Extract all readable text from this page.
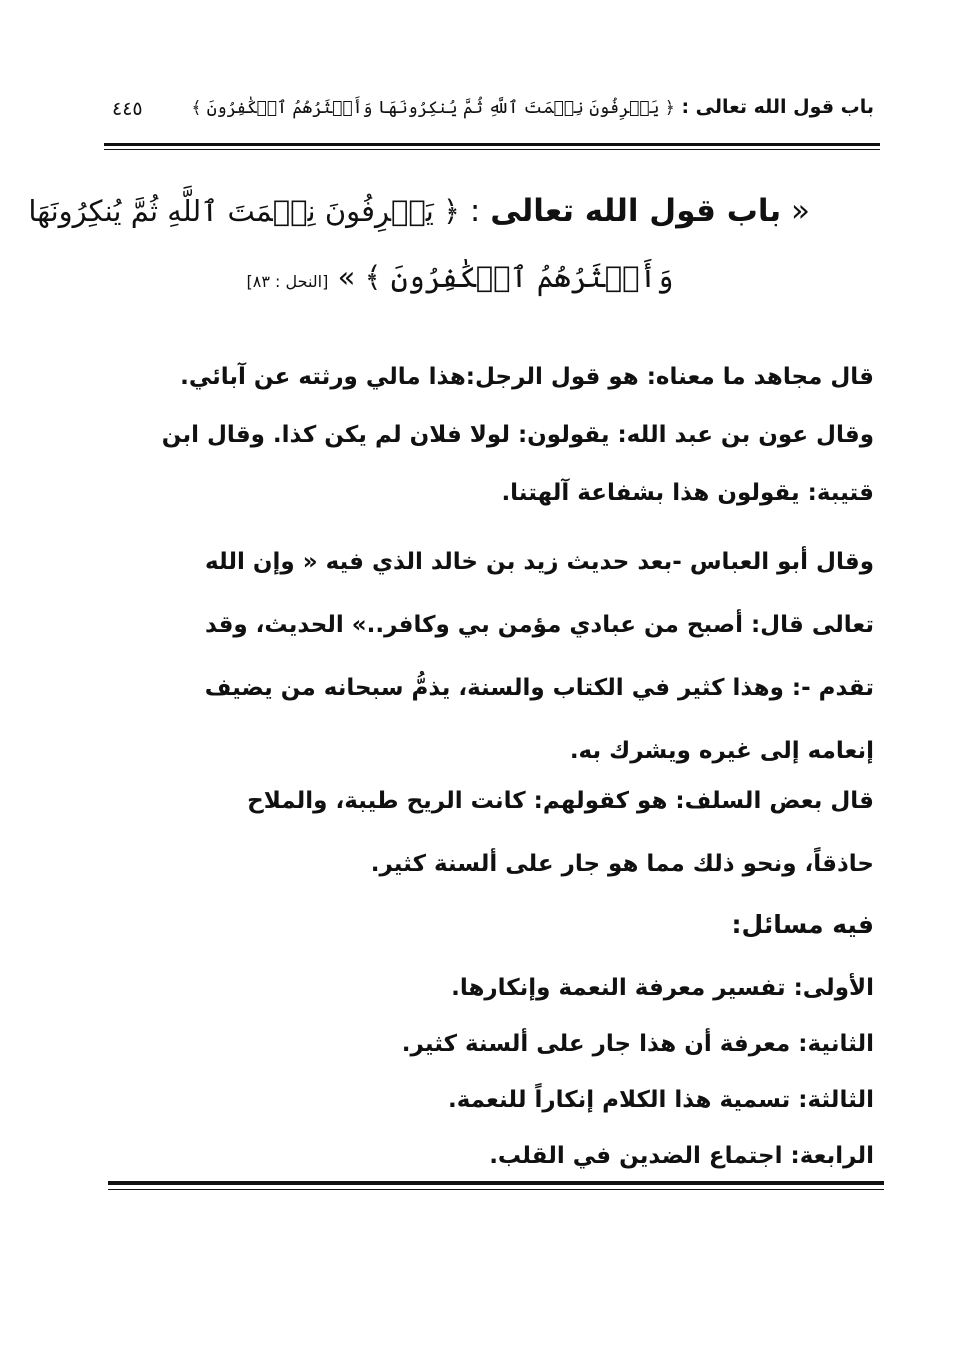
باب قول الله تعالى : ﴿ يَعۡرِفُونَ نِعۡمَتَ ٱللَّهِ ثُمَّ يُنكِرُونَهَا وَأَكۡثَرُهُمُ ٱلۡكَٰفِرُونَ ﴾
٤٤٥
« باب قول الله تعالى : ﴿ يَعۡرِفُونَ نِعۡمَتَ ٱللَّهِ ثُمَّ يُنكِرُونَهَا
وَأَكۡثَرُهُمُ ٱلۡكَٰفِرُونَ ﴾ » [النحل : ٨٣]
قال مجاهد ما معناه: هو قول الرجل:هذا مالي ورثته عن آبائي.
وقال عون بن عبد الله: يقولون: لولا فلان لم يكن كذا. وقال ابن
قتيبة: يقولون هذا بشفاعة آلهتنا.
وقال أبو العباس -بعد حديث زيد بن خالد الذي فيه « وإن الله
تعالى قال: أصبح من عبادي مؤمن بي وكافر..» الحديث، وقد
تقدم -: وهذا كثير في الكتاب والسنة، يذمُّ سبحانه من يضيف
إنعامه إلى غيره ويشرك به.
قال بعض السلف: هو كقولهم: كانت الريح طيبة، والملاح
حاذقاً، ونحو ذلك مما هو جار على ألسنة كثير.
فيه مسائل:
الأولى: تفسير معرفة النعمة وإنكارها.
الثانية: معرفة أن هذا جار على ألسنة كثير.
الثالثة: تسمية هذا الكلام إنكاراً للنعمة.
الرابعة: اجتماع الضدين في القلب.
